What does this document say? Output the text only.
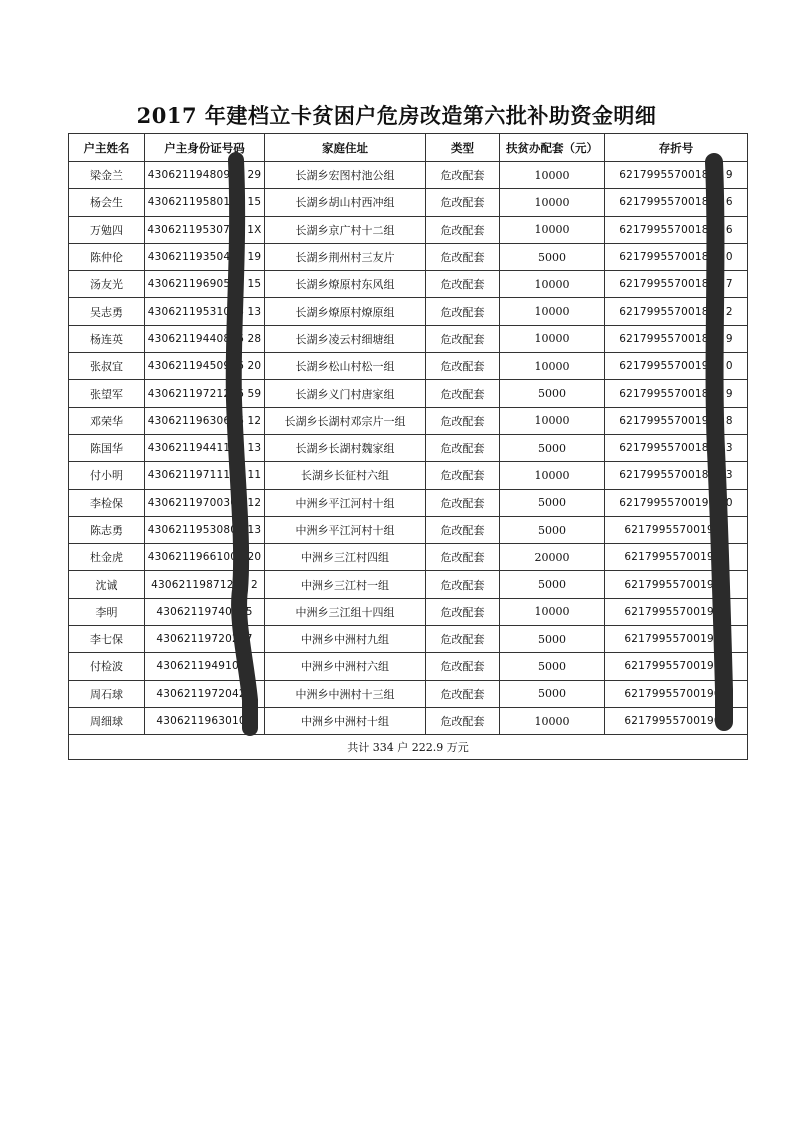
2017 年建档立卡贫困户危房改造第六批补助资金明细
户主姓名	户主身份证号码	家庭住址	类型	扶贫办配套（元）	存折号
梁金兰	43062119480916 29	长湖乡宏图村池公组	危改配套	10000	621799557001861 9
杨会生	43062119580106 15	长湖乡胡山村西冲组	危改配套	10000	621799557001861 6
万勉四	43062119530716 1X	长湖乡京广村十二组	危改配套	10000	621799557001861 6
陈仲伦	43062119350426 19	长湖乡荆州村三友片	危改配套	5000	621799557001861 0
汤友光	43062119690526 15	长湖乡燎原村东风组	危改配套	10000	621799557001861 7
吴志勇	43062119531026 13	长湖乡燎原村燎原组	危改配套	10000	621799557001861 2
杨连英	43062119440806 28	长湖乡凌云村细塘组	危改配套	10000	621799557001861 9
张叔宜	43062119450906 20	长湖乡松山村松一组	危改配套	10000	621799557001907 0
张望军	43062119721226 59	长湖乡义门村唐家组	危改配套	5000	621799557001861 9
邓荣华	43062119630606 12	长湖乡长湖村邓宗片一组	危改配套	10000	621799557001907 8
陈国华	43062119441106 13	长湖乡长湖村魏家组	危改配套	5000	621799557001861 3
付小明	43062119711106 11	长湖乡长征村六组	危改配套	10000	621799557001861 3
李检保	43062119700306 12	中洲乡平江河村十组	危改配套	5000	621799557001904 0
陈志勇	43062119530806 13	中洲乡平江河村十组	危改配套	5000	621799557001904
杜金虎	43062119661006 20	中洲乡三江村四组	危改配套	20000	621799557001904
沈诚	43062119871201 2	中洲乡三江村一组	危改配套	5000	621799557001904
李明	43062119740505	中洲乡三江组十四组	危改配套	10000	621799557001904
李七保	43062119720217	中洲乡中洲村九组	危改配套	5000	621799557001904
付检波	43062119491015	中洲乡中洲村六组	危改配套	5000	621799557001904
周石球	43062119720427	中洲乡中洲村十三组	危改配套	5000	621799557001904
周细球	43062119630102	中洲乡中洲村十组	危改配套	10000	621799557001904
共计 334 户 222.9 万元					
